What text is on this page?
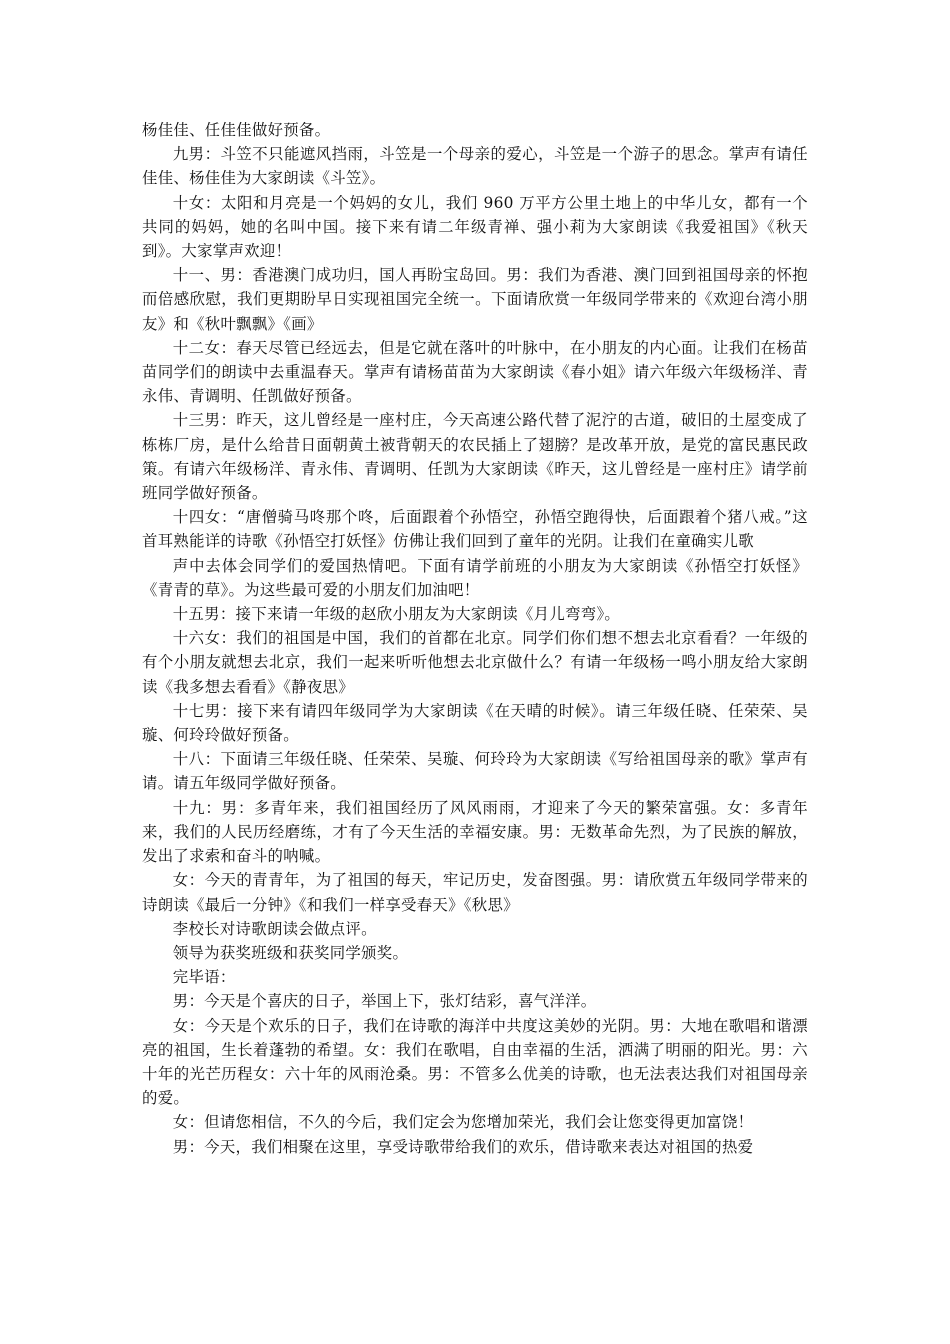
杨佳佳、任佳佳做好预备。

九男：斗笠不只能遮风挡雨，斗笠是一个母亲的爱心，斗笠是一个游子的思念。掌声有请任佳佳、杨佳佳为大家朗读《斗笠》。

十女：太阳和月亮是一个妈妈的女儿，我们 960 万平方公里土地上的中华儿女，都有一个共同的妈妈，她的名叫中国。接下来有请二年级青禅、强小莉为大家朗读《我爱祖国》《秋天到》。大家掌声欢迎！

十一、男：香港澳门成功归，国人再盼宝岛回。男：我们为香港、澳门回到祖国母亲的怀抱而倍感欣慰，我们更期盼早日实现祖国完全统一。下面请欣赏一年级同学带来的《欢迎台湾小朋友》和《秋叶飘飘》《画》

十二女：春天尽管已经远去，但是它就在落叶的叶脉中，在小朋友的内心面。让我们在杨苗苗同学们的朗读中去重温春天。掌声有请杨苗苗为大家朗读《春小姐》请六年级六年级杨洋、青永伟、青调明、任凯做好预备。

十三男：昨天，这儿曾经是一座村庄，今天高速公路代替了泥泞的古道，破旧的土屋变成了栋栋厂房，是什么给昔日面朝黄土被背朝天的农民插上了翅膀？是改革开放，是党的富民惠民政策。有请六年级杨洋、青永伟、青调明、任凯为大家朗读《昨天，这儿曾经是一座村庄》请学前班同学做好预备。

十四女：“唐僧骑马咚那个咚，后面跟着个孙悟空，孙悟空跑得快，后面跟着个猪八戒。”这首耳熟能详的诗歌《孙悟空打妖怪》仿佛让我们回到了童年的光阴。让我们在童确实儿歌

声中去体会同学们的爱国热情吧。下面有请学前班的小朋友为大家朗读《孙悟空打妖怪》《青青的草》。为这些最可爱的小朋友们加油吧！

十五男：接下来请一年级的赵欣小朋友为大家朗读《月儿弯弯》。

十六女：我们的祖国是中国，我们的首都在北京。同学们你们想不想去北京看看？一年级的有个小朋友就想去北京，我们一起来听听他想去北京做什么？有请一年级杨一鸣小朋友给大家朗读《我多想去看看》《静夜思》

十七男：接下来有请四年级同学为大家朗读《在天晴的时候》。请三年级任晓、任荣荣、吴璇、何玲玲做好预备。

十八：下面请三年级任晓、任荣荣、吴璇、何玲玲为大家朗读《写给祖国母亲的歌》掌声有请。请五年级同学做好预备。

十九：男：多青年来，我们祖国经历了风风雨雨，才迎来了今天的繁荣富强。女：多青年来，我们的人民历经磨练，才有了今天生活的幸福安康。男：无数革命先烈，为了民族的解放，发出了求索和奋斗的呐喊。

女：今天的青青年，为了祖国的每天，牢记历史，发奋图强。男：请欣赏五年级同学带来的诗朗读《最后一分钟》《和我们一样享受春天》《秋思》

李校长对诗歌朗读会做点评。

领导为获奖班级和获奖同学颁奖。

完毕语：

男：今天是个喜庆的日子，举国上下，张灯结彩，喜气洋洋。

女：今天是个欢乐的日子，我们在诗歌的海洋中共度这美妙的光阴。男：大地在歌唱和谐漂亮的祖国，生长着蓬勃的希望。女：我们在歌唱，自由幸福的生活，洒满了明丽的阳光。男：六十年的光芒历程女：六十年的风雨沧桑。男：不管多么优美的诗歌，也无法表达我们对祖国母亲的爱。

女：但请您相信，不久的今后，我们定会为您增加荣光，我们会让您变得更加富饶！

男：今天，我们相聚在这里，享受诗歌带给我们的欢乐，借诗歌来表达对祖国的热爱
